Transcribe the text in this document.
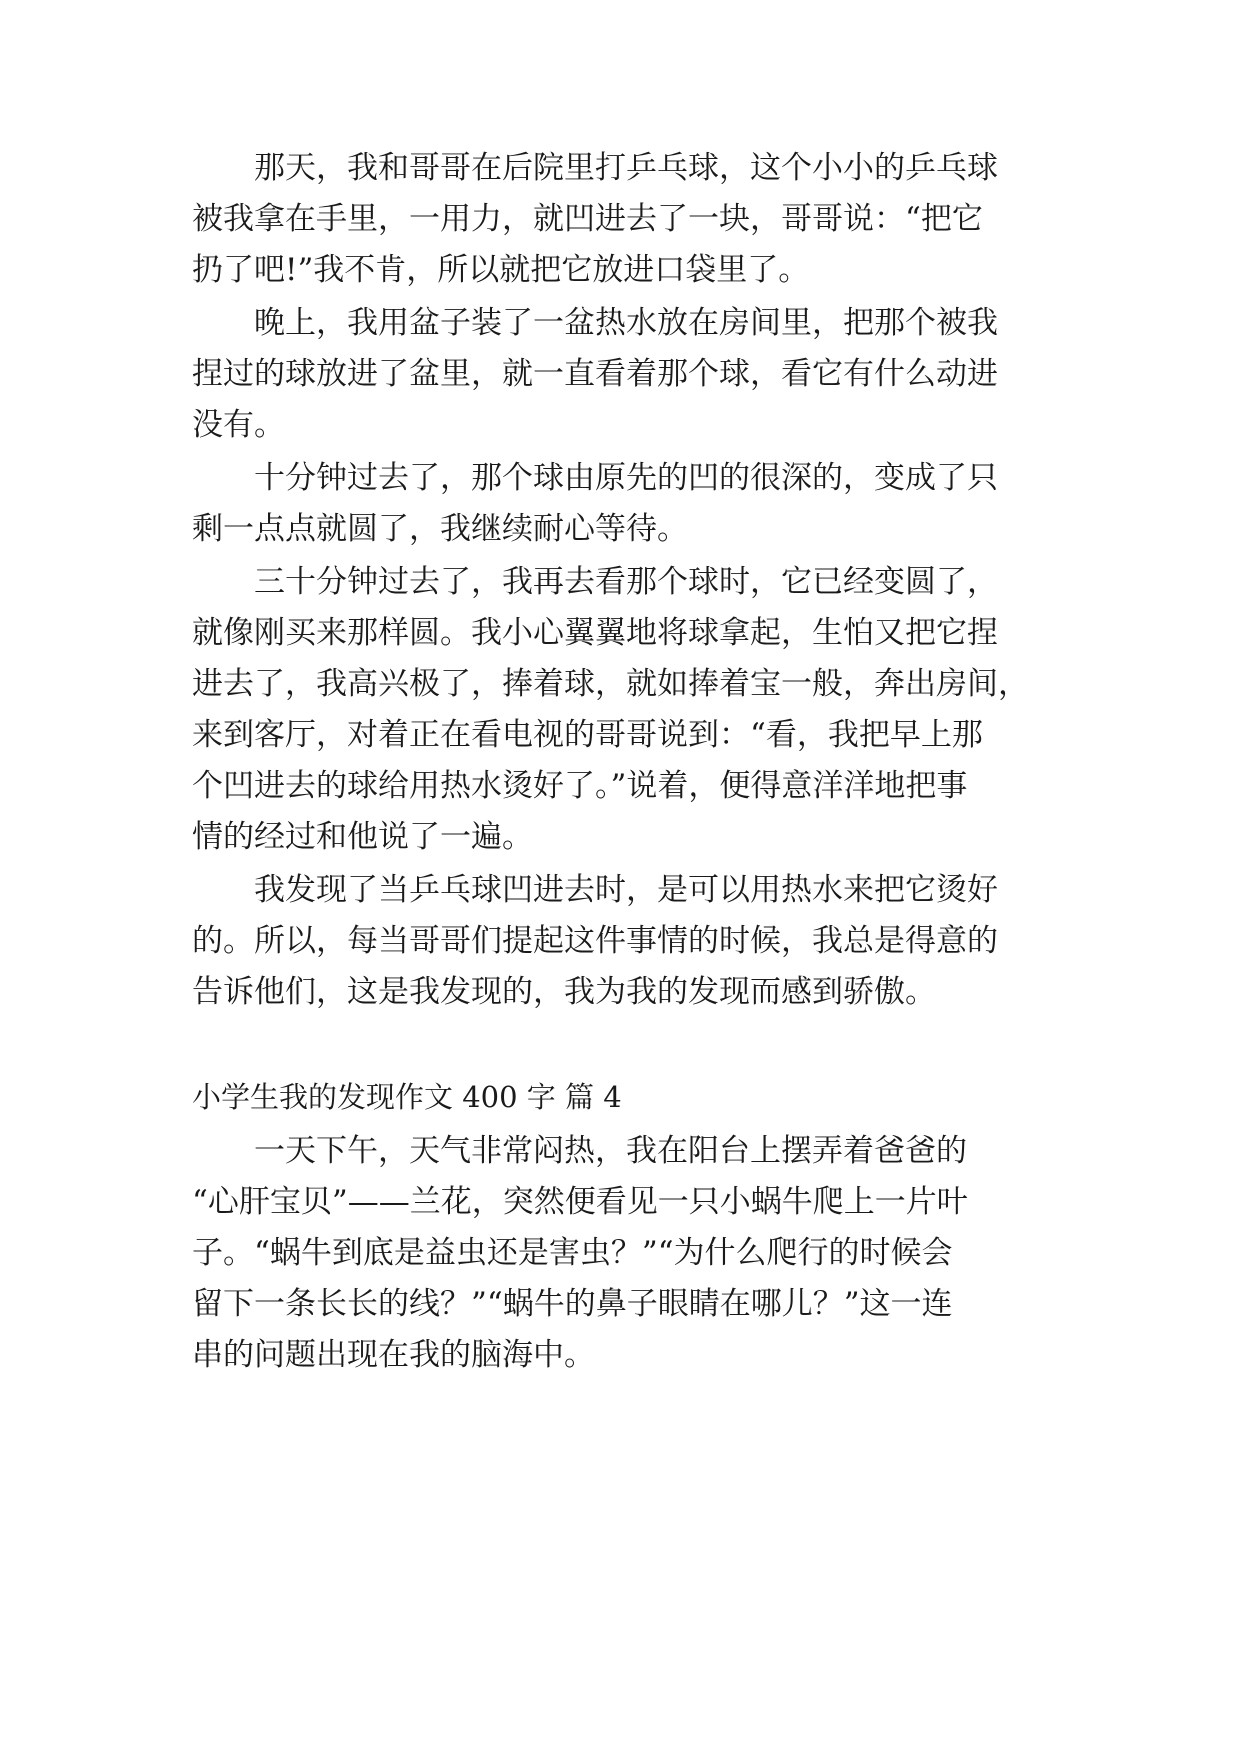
那天，我和哥哥在后院里打乒乓球，这个小小的乒乓球
被我拿在手里，一用力，就凹进去了一块，哥哥说：“把它
扔了吧!”我不肯，所以就把它放进口袋里了。
晚上，我用盆子装了一盆热水放在房间里，把那个被我
捏过的球放进了盆里，就一直看着那个球，看它有什么动进
没有。
十分钟过去了，那个球由原先的凹的很深的，变成了只
剩一点点就圆了，我继续耐心等待。
三十分钟过去了，我再去看那个球时，它已经变圆了，
就像刚买来那样圆。我小心翼翼地将球拿起，生怕又把它捏
进去了，我高兴极了，捧着球，就如捧着宝一般，奔出房间，
来到客厅，对着正在看电视的哥哥说到：“看，我把早上那
个凹进去的球给用热水烫好了。”说着，便得意洋洋地把事
情的经过和他说了一遍。
我发现了当乒乓球凹进去时，是可以用热水来把它烫好
的。所以，每当哥哥们提起这件事情的时候，我总是得意的
告诉他们，这是我发现的，我为我的发现而感到骄傲。
小学生我的发现作文 400 字 篇 4
一天下午，天气非常闷热，我在阳台上摆弄着爸爸的
“心肝宝贝”——兰花，突然便看见一只小蜗牛爬上一片叶
子。“蜗牛到底是益虫还是害虫？”“为什么爬行的时候会
留下一条长长的线？”“蜗牛的鼻子眼睛在哪儿？”这一连
串的问题出现在我的脑海中。
